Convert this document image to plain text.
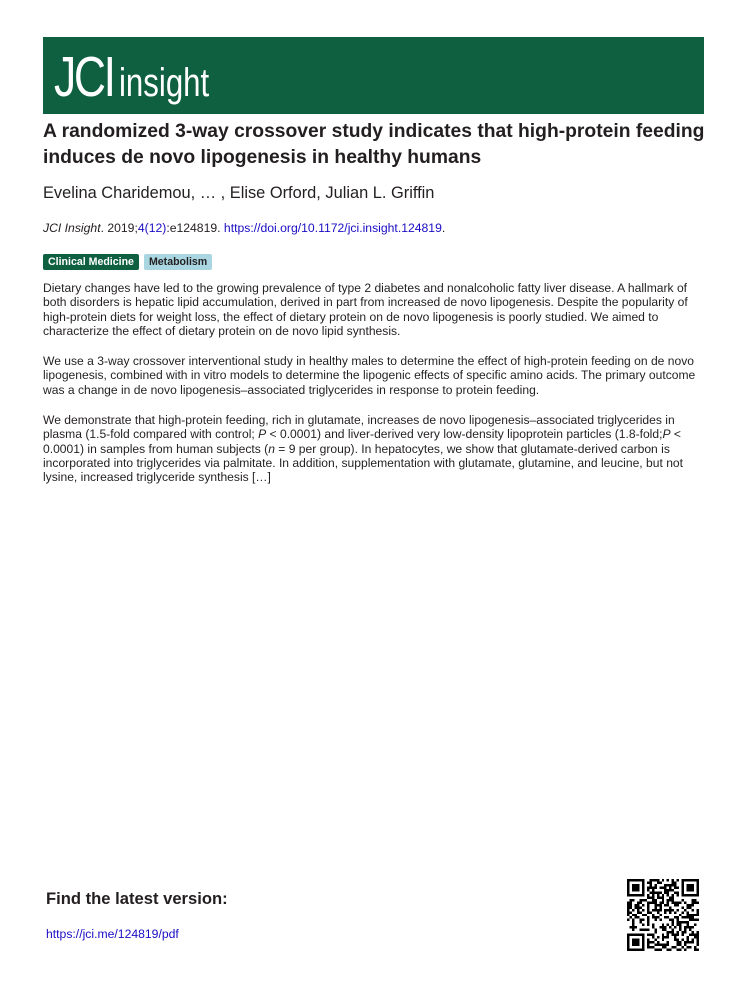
JCI insight
A randomized 3-way crossover study indicates that high-protein feeding induces de novo lipogenesis in healthy humans
Evelina Charidemou, … , Elise Orford, Julian L. Griffin
JCI Insight. 2019;4(12):e124819. https://doi.org/10.1172/jci.insight.124819.
Clinical Medicine	Metabolism

Dietary changes have led to the growing prevalence of type 2 diabetes and nonalcoholic fatty liver disease. A hallmark of both disorders is hepatic lipid accumulation, derived in part from increased de novo lipogenesis. Despite the popularity of high-protein diets for weight loss, the effect of dietary protein on de novo lipogenesis is poorly studied. We aimed to characterize the effect of dietary protein on de novo lipid synthesis.

We use a 3-way crossover interventional study in healthy males to determine the effect of high-protein feeding on de novo lipogenesis, combined with in vitro models to determine the lipogenic effects of specific amino acids. The primary outcome was a change in de novo lipogenesis–associated triglycerides in response to protein feeding.

We demonstrate that high-protein feeding, rich in glutamate, increases de novo lipogenesis–associated triglycerides in plasma (1.5-fold compared with control; P < 0.0001) and liver-derived very low-density lipoprotein particles (1.8-fold;P < 0.0001) in samples from human subjects (n = 9 per group). In hepatocytes, we show that glutamate-derived carbon is incorporated into triglycerides via palmitate. In addition, supplementation with glutamate, glutamine, and leucine, but not lysine, increased triglyceride synthesis […]

Find the latest version:
https://jci.me/124819/pdf
